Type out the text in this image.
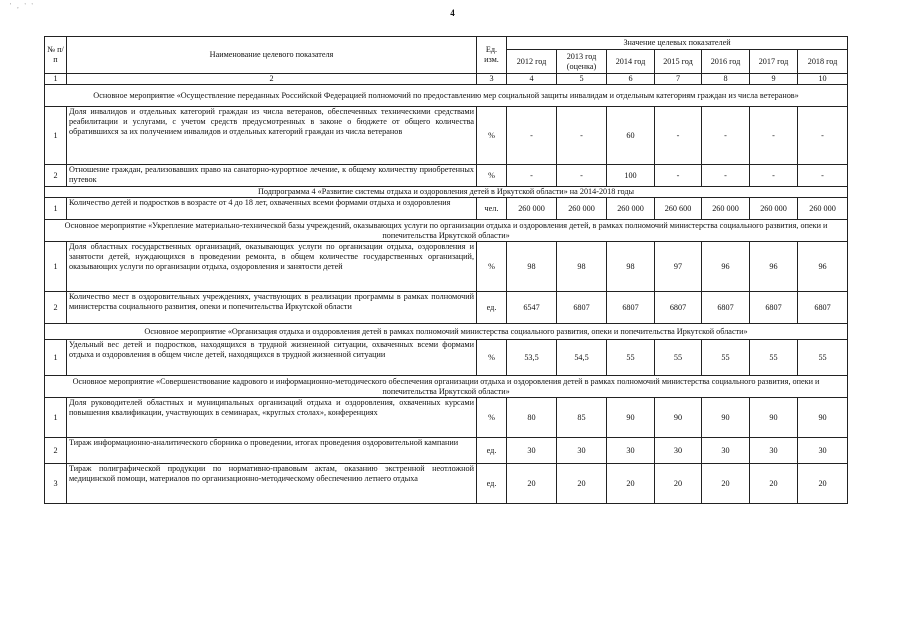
' , ' '
4
№ п/п	Наименование целевого показателя	Ед. изм.	Значение целевых показателей						
			2012 год	2013 год (оценка)	2014 год	2015 год	2016 год	2017 год	2018 год
1	2	3	4	5	6	7	8	9	10
Основное мероприятие «Осуществление переданных Российской Федерацией полномочий по предоставлению мер социальной защиты инвалидам и отдельным категориям граждан из числа ветеранов»									
1	Доля инвалидов и отдельных категорий граждан из числа ветеранов, обеспеченных техническими средствами реабилитации и услугами, с учетом средств предусмотренных в законе о бюджете от общего количества обратившихся за их получением инвалидов и отдельных категорий граждан из числа ветеранов	%	-	-	60	-	-	-	-
2	Отношение граждан, реализовавших право на санаторно-курортное лечение, к общему количеству приобретенных путевок	%	-	-	100	-	-	-	-
Подпрограмма 4 «Развитие системы отдыха и оздоровления детей в Иркутской области» на 2014-2018 годы									
1	Количество детей и подростков в возрасте от 4 до 18 лет, охваченных всеми формами отдыха и оздоровления	чел.	260 000	260 000	260 000	260 600	260 000	260 000	260 000
Основное мероприятие «Укрепление материально-технической базы учреждений, оказывающих услуги по организации отдыха и оздоровления детей, в рамках полномочий министерства социального развития, опеки и попечительства Иркутской области»									
1	Доля областных государственных организаций, оказывающих услуги по организации отдыха, оздоровления и занятости детей, нуждающихся в проведении ремонта, в общем количестве государственных организаций, оказывающих услуги по организации отдыха, оздоровления и занятости детей	%	98	98	98	97	96	96	96
2	Количество мест в оздоровительных учреждениях, участвующих в реализации программы в рамках полномочий министерства социального развития, опеки и попечительства Иркутской области	ед.	6547	6807	6807	6807	6807	6807	6807
Основное мероприятие «Организация отдыха и оздоровления детей в рамках полномочий министерства социального развития, опеки и попечительства Иркутской области»									
1	Удельный вес детей и подростков, находящихся в трудной жизненной ситуации, охваченных всеми формами отдыха и оздоровления в общем числе детей, находящихся в трудной жизненной ситуации	%	53,5	54,5	55	55	55	55	55
Основное мероприятие «Совершенствование кадрового и информационно-методического обеспечения организации отдыха и оздоровления детей в рамках полномочий министерства социального развития, опеки и попечительства Иркутской области»									
1	Доля руководителей областных и муниципальных организаций отдыха и оздоровления, охваченных курсами повышения квалификации, участвующих в семинарах, «круглых столах», конференциях	%	80	85	90	90	90	90	90
2	Тираж информационно-аналитического сборника о проведении, итогах проведения оздоровительной кампании	ед.	30	30	30	30	30	30	30
3	Тираж полиграфической продукции по нормативно-правовым актам, оказанию экстренной неотложной медицинской помощи, материалов по организационно-методическому обеспечению летнего отдыха	ед.	20	20	20	20	20	20	20
